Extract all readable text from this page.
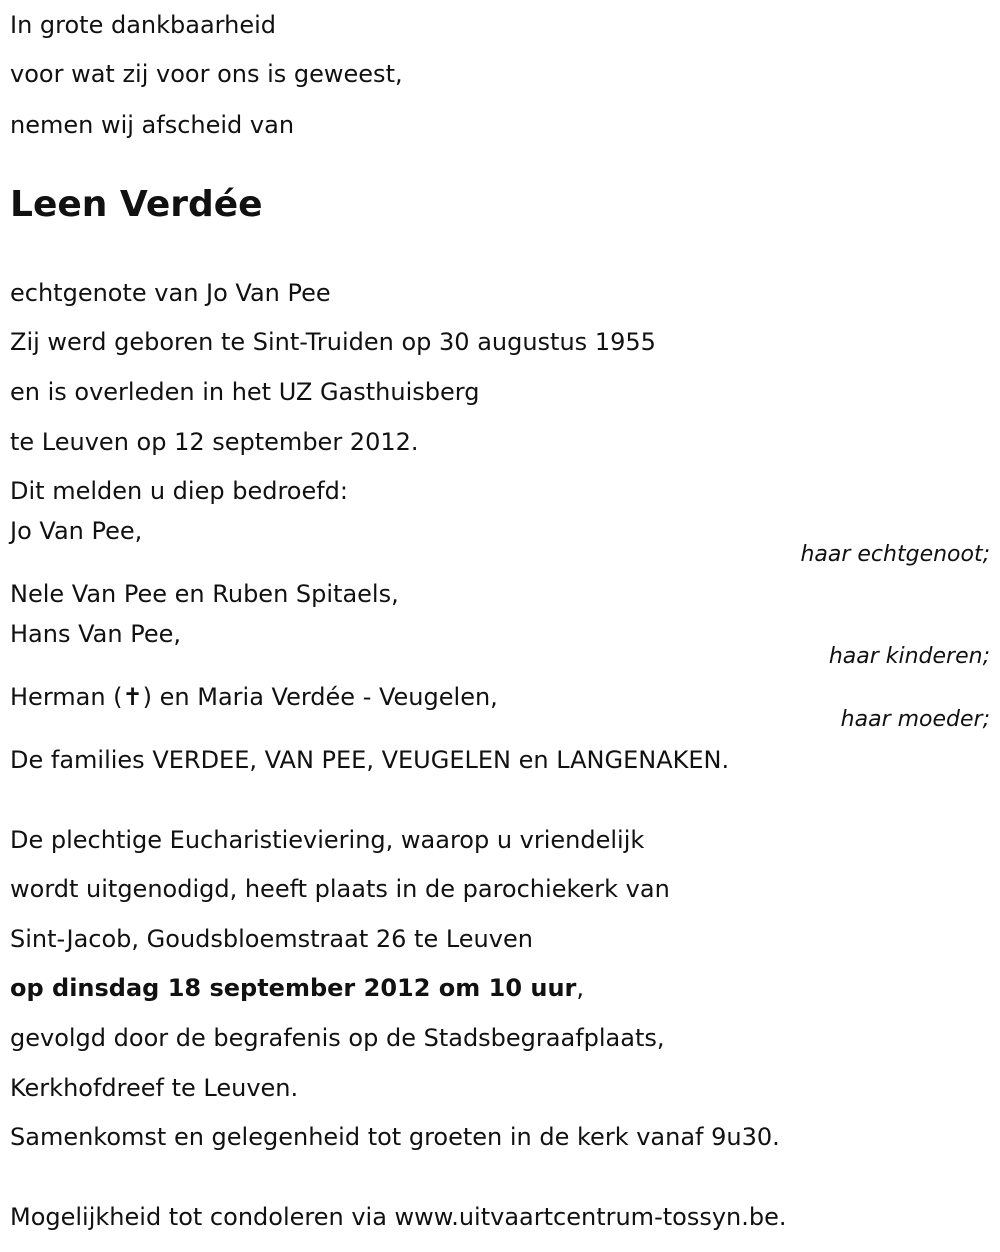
In grote dankbaarheid
voor wat zij voor ons is geweest,
nemen wij afscheid van
Leen Verdée
echtgenote van Jo Van Pee
Zij werd geboren te Sint-Truiden op 30 augustus 1955
en is overleden in het UZ Gasthuisberg
te Leuven op 12 september 2012.
Dit melden u diep bedroefd:
Jo Van Pee,
haar echtgenoot;
Nele Van Pee en Ruben Spitaels,
Hans Van Pee,
haar kinderen;
Herman (✝) en Maria Verdée - Veugelen,
haar moeder;
De families VERDEE, VAN PEE, VEUGELEN en LANGENAKEN.
De plechtige Eucharistieviering, waarop u vriendelijk
wordt uitgenodigd, heeft plaats in de parochiekerk van
Sint-Jacob, Goudsbloemstraat 26 te Leuven
op dinsdag 18 september 2012 om 10 uur,
gevolgd door de begrafenis op de Stadsbegraafplaats,
Kerkhofdreef te Leuven.
Samenkomst en gelegenheid tot groeten in de kerk vanaf 9u30.
Mogelijkheid tot condoleren via www.uitvaartcentrum-tossyn.be.
